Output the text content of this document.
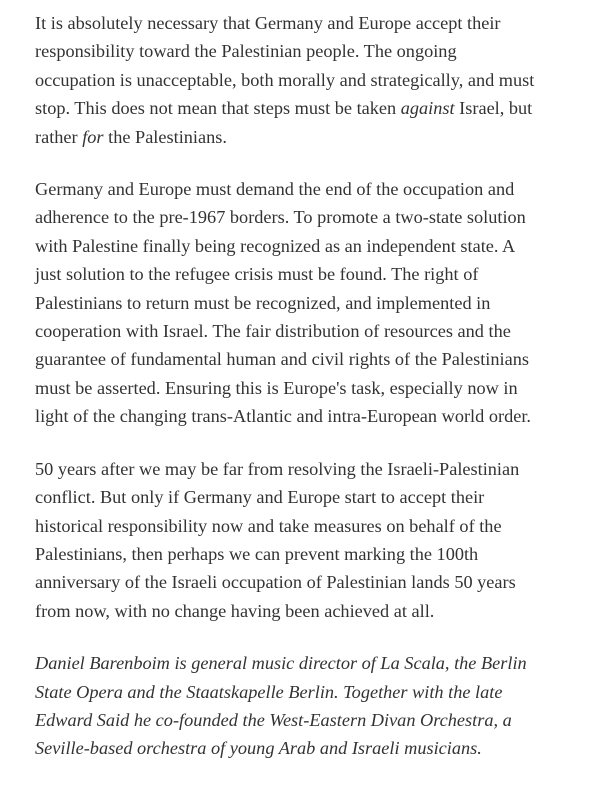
It is absolutely necessary that Germany and Europe accept their
responsibility toward the Palestinian people. The ongoing
occupation is unacceptable, both morally and strategically, and must
stop. This does not mean that steps must be taken against Israel, but
rather for the Palestinians.

Germany and Europe must demand the end of the occupation and
adherence to the pre-1967 borders. To promote a two-state solution
with Palestine finally being recognized as an independent state. A
just solution to the refugee crisis must be found. The right of
Palestinians to return must be recognized, and implemented in
cooperation with Israel. The fair distribution of resources and the
guarantee of fundamental human and civil rights of the Palestinians
must be asserted. Ensuring this is Europe's task, especially now in
light of the changing trans-Atlantic and intra-European world order.

50 years after we may be far from resolving the Israeli-Palestinian
conflict. But only if Germany and Europe start to accept their
historical responsibility now and take measures on behalf of the
Palestinians, then perhaps we can prevent marking the 100th
anniversary of the Israeli occupation of Palestinian lands 50 years
from now, with no change having been achieved at all.

Daniel Barenboim is general music director of La Scala, the Berlin
State Opera and the Staatskapelle Berlin. Together with the late
Edward Said he co-founded the West-Eastern Divan Orchestra, a
Seville-based orchestra of young Arab and Israeli musicians.
